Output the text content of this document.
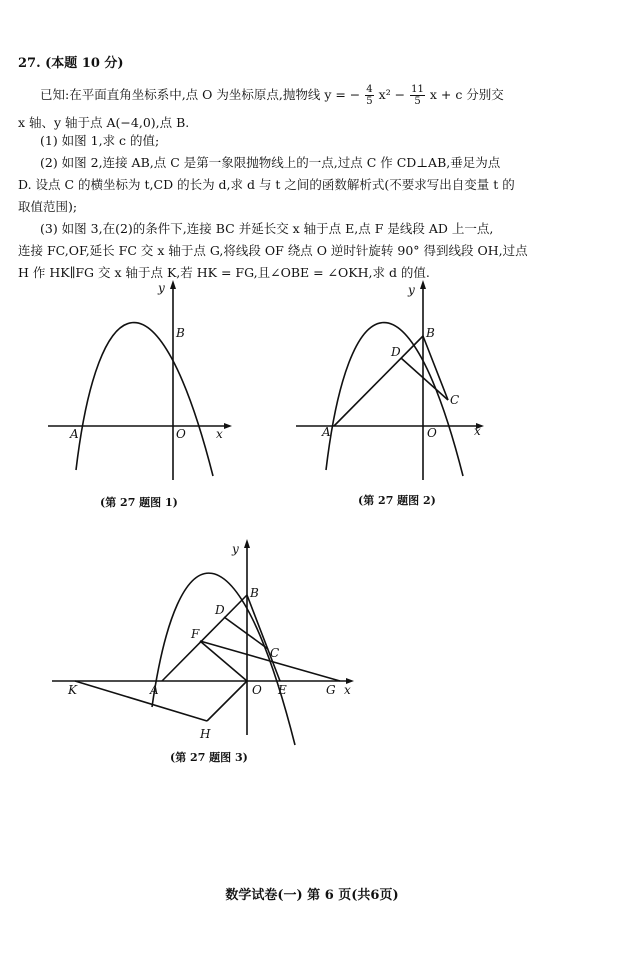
27. (本题 10 分)
已知:在平面直角坐标系中,点 O 为坐标原点,抛物线 y = − $\frac{4}{5} x^2 - \frac{11}{5}$ x + c 分别交
x 轴、y 轴于点 A(−4,0),点 B.
(1) 如图 1,求 c 的值;
(2) 如图 2,连接 AB,点 C 是第一象限抛物线上的一点,过点 C 作 CD⊥AB,垂足为点
D. 设点 C 的横坐标为 t,CD 的长为 d,求 d 与 t 之间的函数解析式(不要求写出自变量 t 的
取值范围);
(3) 如图 3,在(2)的条件下,连接 BC 并延长交 x 轴于点 E,点 F 是线段 AD 上一点,
连接 FC,OF,延长 FC 交 x 轴于点 G,将线段 OF 绕点 O 逆时针旋转 90° 得到线段 OH,过点
H 作 HK∥FG 交 x 轴于点 K,若 HK = FG,且∠OBE = ∠OKH,求 d 的值.
y
B
A	O	x
(第 27 题图 1)
y
B
D
C
A	O	x
(第 27 题图 2)
y
B
D
F
C
K	A	O E	G x
H
(第 27 题图 3)
数学试卷(一) 第 6 页(共6页)
